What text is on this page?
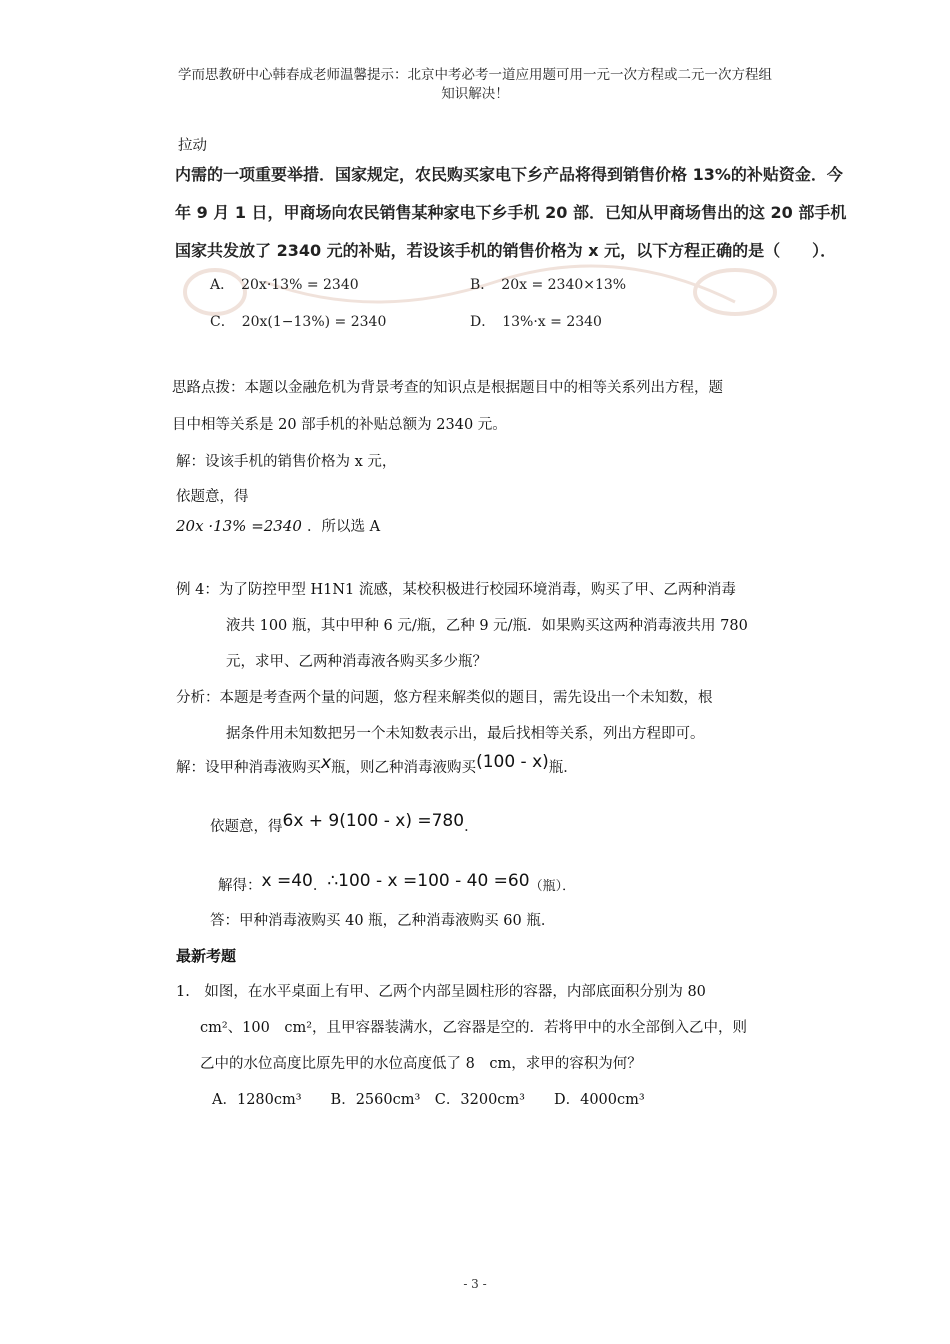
学而思教研中心韩春成老师温馨提示：北京中考必考一道应用题可用一元一次方程或二元一次方程组
知识解决！
拉动
内需的一项重要举措．国家规定，农民购买家电下乡产品将得到销售价格 13%的补贴资金．今
年 9 月 1 日，甲商场向农民销售某种家电下乡手机 20 部．已知从甲商场售出的这 20 部手机
国家共发放了 2340 元的补贴，若设该手机的销售价格为 x 元，以下方程正确的是（　　）．
A．　20x·13% = 2340	B．　20x = 2340×13%
C．　20x(1−13%) = 2340	D．　13%·x = 2340
思路点拨：本题以金融危机为背景考查的知识点是根据题目中的相等关系列出方程，题
目中相等关系是 20 部手机的补贴总额为 2340 元。
解：设该手机的销售价格为 x 元，
依题意，得
20x ·13% =2340 ．所以选 A
例 4：为了防控甲型 H1N1 流感，某校积极进行校园环境消毒，购买了甲、乙两种消毒
液共 100 瓶，其中甲种 6 元/瓶，乙种 9 元/瓶．如果购买这两种消毒液共用 780
元，求甲、乙两种消毒液各购买多少瓶？
分析：本题是考查两个量的问题，悠方程来解类似的题目，需先设出一个未知数，根
据条件用未知数把另一个未知数表示出，最后找相等关系，列出方程即可。
解：设甲种消毒液购买x瓶，则乙种消毒液购买(100 - x)瓶．
依题意，得6x + 9(100 - x) =780．
解得：x =40．∴100 - x =100 - 40 =60（瓶）．
答：甲种消毒液购买 40 瓶，乙种消毒液购买 60 瓶．
最新考题
1.　如图，在水平桌面上有甲、乙两个内部呈圆柱形的容器，内部底面积分别为 80
cm²、100　cm²，且甲容器装满水，乙容器是空的．若将甲中的水全部倒入乙中，则
乙中的水位高度比原先甲的水位高度低了 8　cm，求甲的容积为何？
A．1280cm³　　B．2560cm³　C．3200cm³　　D．4000cm³
- 3 -
